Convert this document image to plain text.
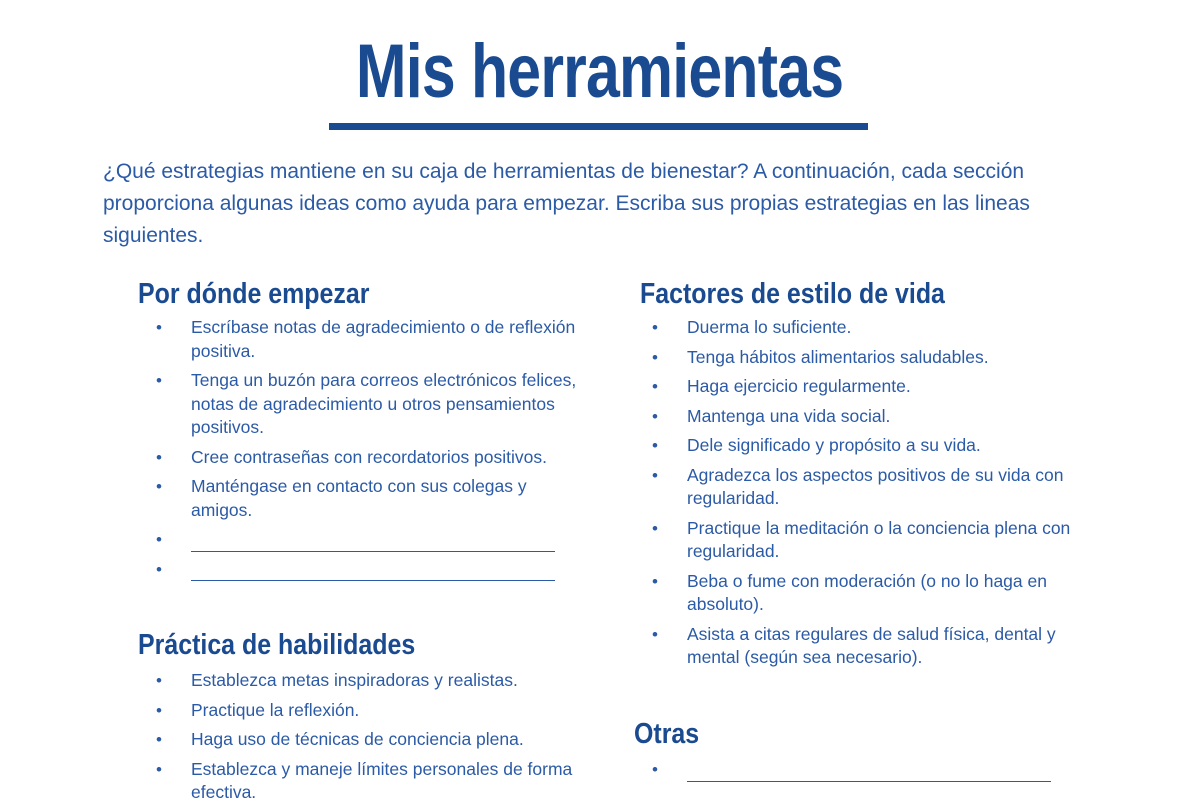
Mis herramientas

¿Qué estrategias mantiene en su caja de herramientas de bienestar? A continuación, cada sección proporciona algunas ideas como ayuda para empezar. Escriba sus propias estrategias en las lineas siguientes.

Por dónde empezar
• Escríbase notas de agradecimiento o de reflexión positiva.
• Tenga un buzón para correos electrónicos felices, notas de agradecimiento u otros pensamientos positivos.
• Cree contraseñas con recordatorios positivos.
• Manténgase en contacto con sus colegas y amigos.
•
•
Práctica de habilidades
• Establezca metas inspiradoras y realistas.
• Practique la reflexión.
• Haga uso de técnicas de conciencia plena.
• Establezca y maneje límites personales de forma efectiva.
Factores de estilo de vida
• Duerma lo suficiente.
• Tenga hábitos alimentarios saludables.
• Haga ejercicio regularmente.
• Mantenga una vida social.
• Dele significado y propósito a su vida.
• Agradezca los aspectos positivos de su vida con regularidad.
• Practique la meditación o la conciencia plena con regularidad.
• Beba o fume con moderación (o no lo haga en absoluto).
• Asista a citas regulares de salud física, dental y mental (según sea necesario).
Otras
•
